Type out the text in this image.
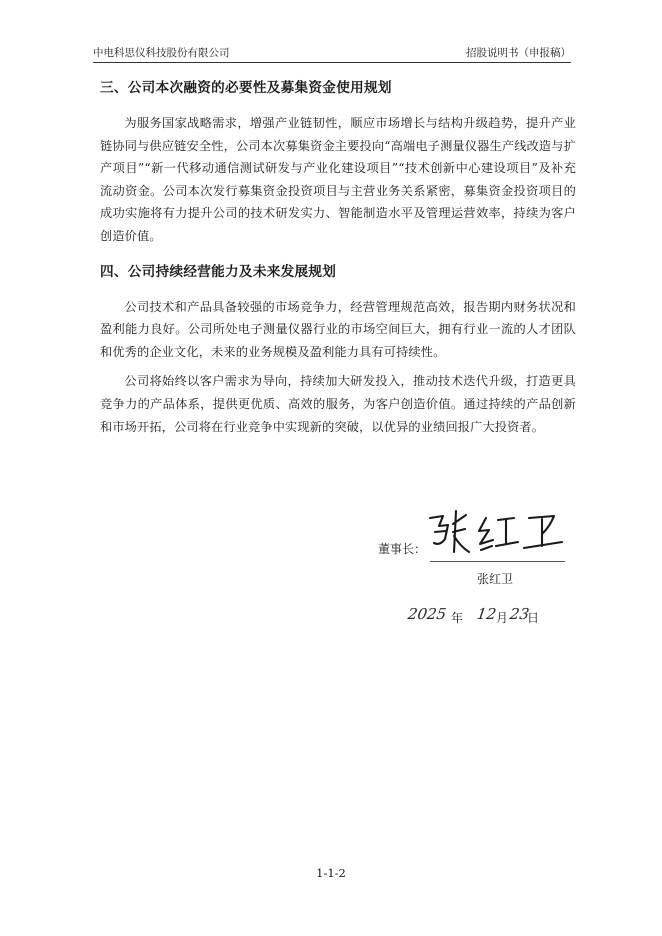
中电科思仪科技股份有限公司	招股说明书（申报稿）
三、公司本次融资的必要性及募集资金使用规划

为服务国家战略需求，增强产业链韧性，顺应市场增长与结构升级趋势，提升产业链协同与供应链安全性，公司本次募集资金主要投向“高端电子测量仪器生产线改造与扩产项目”“新一代移动通信测试研发与产业化建设项目”“技术创新中心建设项目”及补充流动资金。公司本次发行募集资金投资项目与主营业务关系紧密，募集资金投资项目的成功实施将有力提升公司的技术研发实力、智能制造水平及管理运营效率，持续为客户创造价值。

四、公司持续经营能力及未来发展规划

公司技术和产品具备较强的市场竞争力，经营管理规范高效，报告期内财务状况和盈利能力良好。公司所处电子测量仪器行业的市场空间巨大，拥有行业一流的人才团队和优秀的企业文化，未来的业务规模及盈利能力具有可持续性。

公司将始终以客户需求为导向，持续加大研发投入，推动技术迭代升级，打造更具竞争力的产品体系，提供更优质、高效的服务，为客户创造价值。通过持续的产品创新和市场开拓，公司将在行业竞争中实现新的突破，以优异的业绩回报广大投资者。

董事长：
张红卫
2025 年 12
月 23
日
1-1-2
